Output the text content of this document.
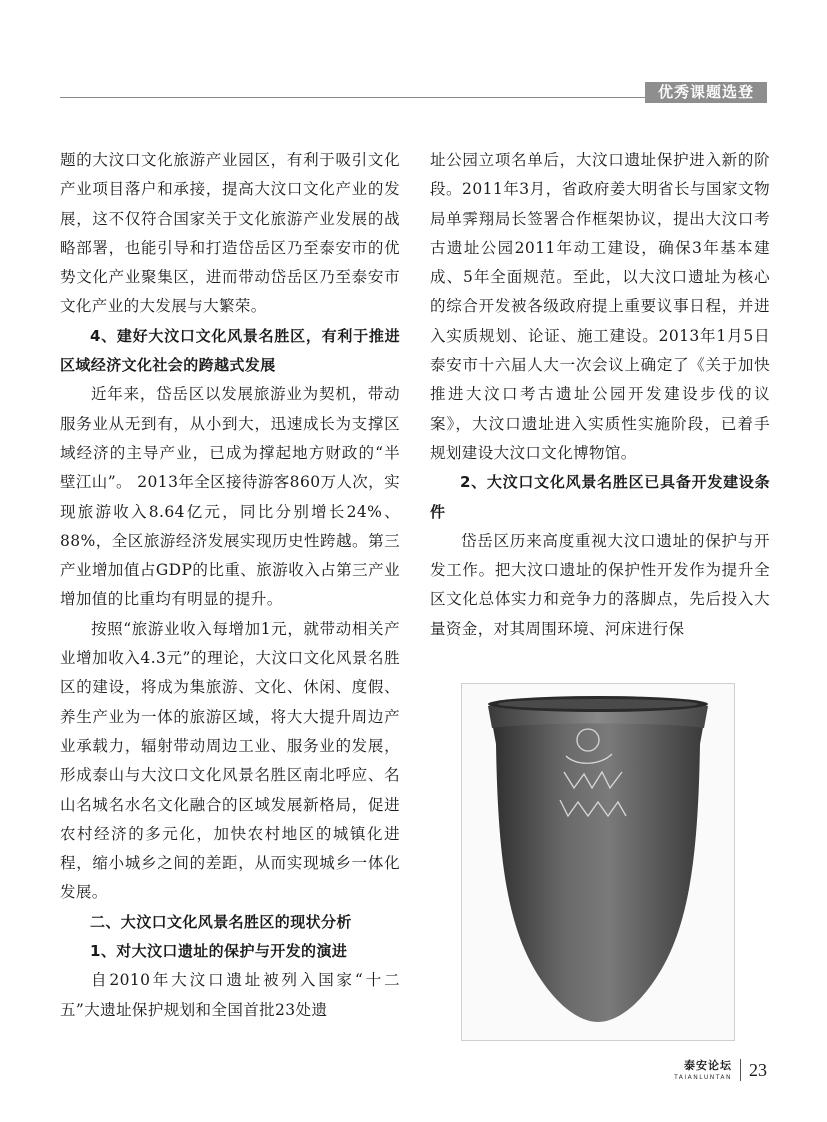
优秀课题选登

题的大汶口文化旅游产业园区，有利于吸引文化产业项目落户和承接，提高大汶口文化产业的发展，这不仅符合国家关于文化旅游产业发展的战略部署，也能引导和打造岱岳区乃至泰安市的优势文化产业聚集区，进而带动岱岳区乃至泰安市文化产业的大发展与大繁荣。

4、建好大汶口文化风景名胜区，有利于推进区域经济文化社会的跨越式发展

近年来，岱岳区以发展旅游业为契机，带动服务业从无到有，从小到大，迅速成长为支撑区域经济的主导产业，已成为撑起地方财政的“半壁江山”。 2013年全区接待游客860万人次，实现旅游收入8.64亿元，同比分别增长24%、88%，全区旅游经济发展实现历史性跨越。第三产业增加值占GDP的比重、旅游收入占第三产业增加值的比重均有明显的提升。

按照“旅游业收入每增加1元，就带动相关产业增加收入4.3元”的理论，大汶口文化风景名胜区的建设，将成为集旅游、文化、休闲、度假、养生产业为一体的旅游区域，将大大提升周边产业承载力，辐射带动周边工业、服务业的发展，形成泰山与大汶口文化风景名胜区南北呼应、名山名城名水名文化融合的区域发展新格局，促进农村经济的多元化，加快农村地区的城镇化进程，缩小城乡之间的差距，从而实现城乡一体化发展。

二、大汶口文化风景名胜区的现状分析

1、对大汶口遗址的保护与开发的演进

自2010年大汶口遗址被列入国家“十二五”大遗址保护规划和全国首批23处遗

址公园立项名单后，大汶口遗址保护进入新的阶段。2011年3月，省政府姜大明省长与国家文物局单霁翔局长签署合作框架协议，提出大汶口考古遗址公园2011年动工建设，确保3年基本建成、5年全面规范。至此，以大汶口遗址为核心的综合开发被各级政府提上重要议事日程，并进入实质规划、论证、施工建设。2013年1月5日泰安市十六届人大一次会议上确定了《关于加快推进大汶口考古遗址公园开发建设步伐的议案》，大汶口遗址进入实质性实施阶段，已着手规划建设大汶口文化博物馆。

2、大汶口文化风景名胜区已具备开发建设条件

岱岳区历来高度重视大汶口遗址的保护与开发工作。把大汶口遗址的保护性开发作为提升全区文化总体实力和竞争力的落脚点，先后投入大量资金，对其周围环境、河床进行保

泰安论坛
TAIANLUNTAN 23
